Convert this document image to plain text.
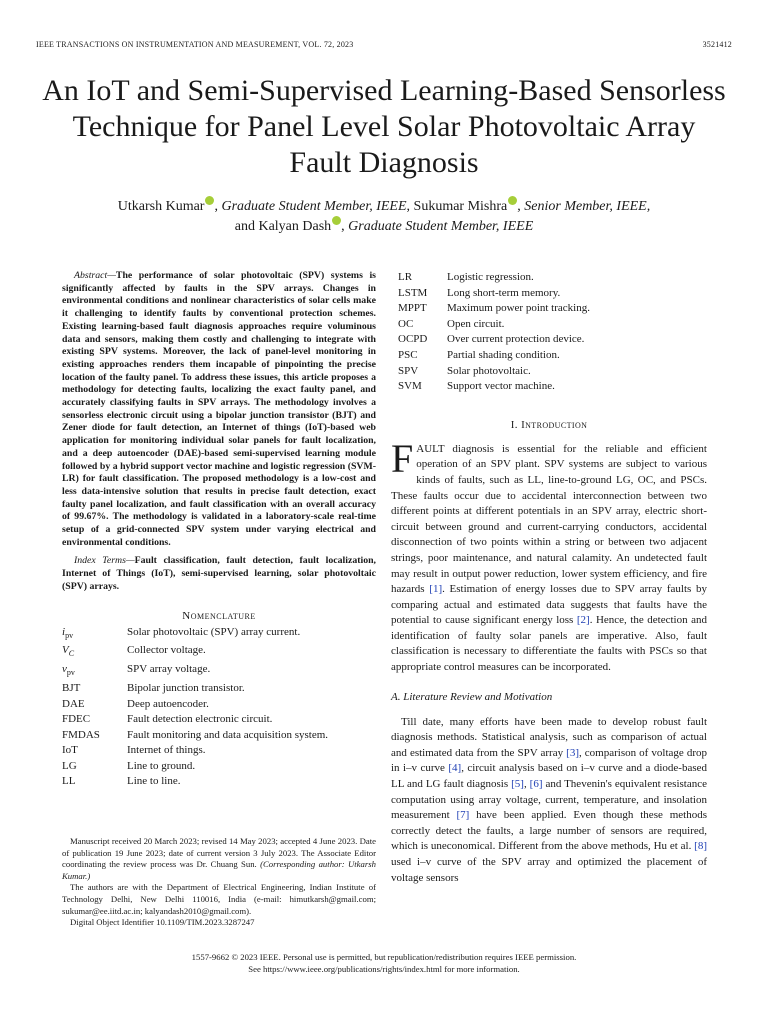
IEEE TRANSACTIONS ON INSTRUMENTATION AND MEASUREMENT, VOL. 72, 2023	3521412
An IoT and Semi-Supervised Learning-Based Sensorless Technique for Panel Level Solar Photovoltaic Array Fault Diagnosis
Utkarsh Kumar , Graduate Student Member, IEEE, Sukumar Mishra , Senior Member, IEEE,
and Kalyan Dash , Graduate Student Member, IEEE
Abstract—The performance of solar photovoltaic (SPV) systems is significantly affected by faults in the SPV arrays. Changes in environmental conditions and nonlinear characteristics of solar cells make it challenging to identify faults by conventional protection schemes. Existing learning-based fault diagnosis approaches require voluminous data and sensors, making them costly and challenging to integrate with existing SPV systems. Moreover, the lack of panel-level monitoring in existing approaches renders them incapable of pinpointing the precise location of the faulty panel. To address these issues, this article proposes a methodology for detecting faults, localizing the exact faulty panel, and accurately classifying faults in SPV arrays. The methodology involves a sensorless electronic circuit using a bipolar junction transistor (BJT) and Zener diode for fault detection, an Internet of things (IoT)-based web application for monitoring individual solar panels for fault localization, and a deep autoencoder (DAE)-based semi-supervised learning module followed by a hybrid support vector machine and logistic regression (SVM-LR) for fault classification. The proposed methodology is a low-cost and less data-intensive solution that results in precise fault detection, exact faulty panel localization, and fault classification with an overall accuracy of 99.67%. The methodology is validated in a laboratory-scale real-time setup of a grid-connected SPV system under varying electrical and environmental conditions.
Index Terms—Fault classification, fault detection, fault localization, Internet of Things (IoT), semi-supervised learning, solar photovoltaic (SPV) arrays.
Nomenclature
$i_{pv}$	Solar photovoltaic (SPV) array current.
$V_C$	Collector voltage.
$v_{pv}$	SPV array voltage.
BJT	Bipolar junction transistor.
DAE	Deep autoencoder.
FDEC	Fault detection electronic circuit.
FMDAS	Fault monitoring and data acquisition system.
IoT	Internet of things.
LG	Line to ground.
LL	Line to line.
LR	Logistic regression.
LSTM	Long short-term memory.
MPPT	Maximum power point tracking.
OC	Open circuit.
OCPD	Over current protection device.
PSC	Partial shading condition.
SPV	Solar photovoltaic.
SVM	Support vector machine.
I. Introduction
FAULT diagnosis is essential for the reliable and efficient operation of an SPV plant. SPV systems are subject to various kinds of faults, such as LL, line-to-ground LG, OC, and PSCs. These faults occur due to accidental interconnection between two different points at different potentials in an SPV array, electric short-circuit between ground and current-carrying conductors, accidental disconnection of two points within a string or between two adjacent strings, poor maintenance, and natural calamity. An undetected fault may result in output power reduction, lower system efficiency, and fire hazards [1]. Estimation of energy losses due to SPV array faults by comparing actual and estimated data suggests that faults have the potential to cause significant energy loss [2]. Hence, the detection and identification of faulty solar panels are imperative. Also, fault classification is necessary to differentiate the faults with PSCs so that appropriate control measures can be incorporated.
A. Literature Review and Motivation
Till date, many efforts have been made to develop robust fault diagnosis methods. Statistical analysis, such as comparison of actual and estimated data from the SPV array [3], comparison of voltage drop in i–v curve [4], circuit analysis based on i–v curve and a diode-based LL and LG fault diagnosis [5], [6] and Thevenin's equivalent resistance computation using array voltage, current, temperature, and insolation measurement [7] have been applied. Even though these methods correctly detect the faults, a large number of sensors are required, which is uneconomical. Different from the above methods, Hu et al. [8] used i–v curve of the SPV array and optimized the placement of voltage sensors

Manuscript received 20 March 2023; revised 14 May 2023; accepted 4 June 2023. Date of publication 19 June 2023; date of current version 3 July 2023. The Associate Editor coordinating the review process was Dr. Chuang Sun. (Corresponding author: Utkarsh Kumar.)

The authors are with the Department of Electrical Engineering, Indian Institute of Technology Delhi, New Delhi 110016, India (e-mail: himutkarsh@gmail.com; sukumar@ee.iitd.ac.in; kalyandash2010@gmail.com).

Digital Object Identifier 10.1109/TIM.2023.3287247

1557-9662 © 2023 IEEE. Personal use is permitted, but republication/redistribution requires IEEE permission.
See https://www.ieee.org/publications/rights/index.html for more information.
